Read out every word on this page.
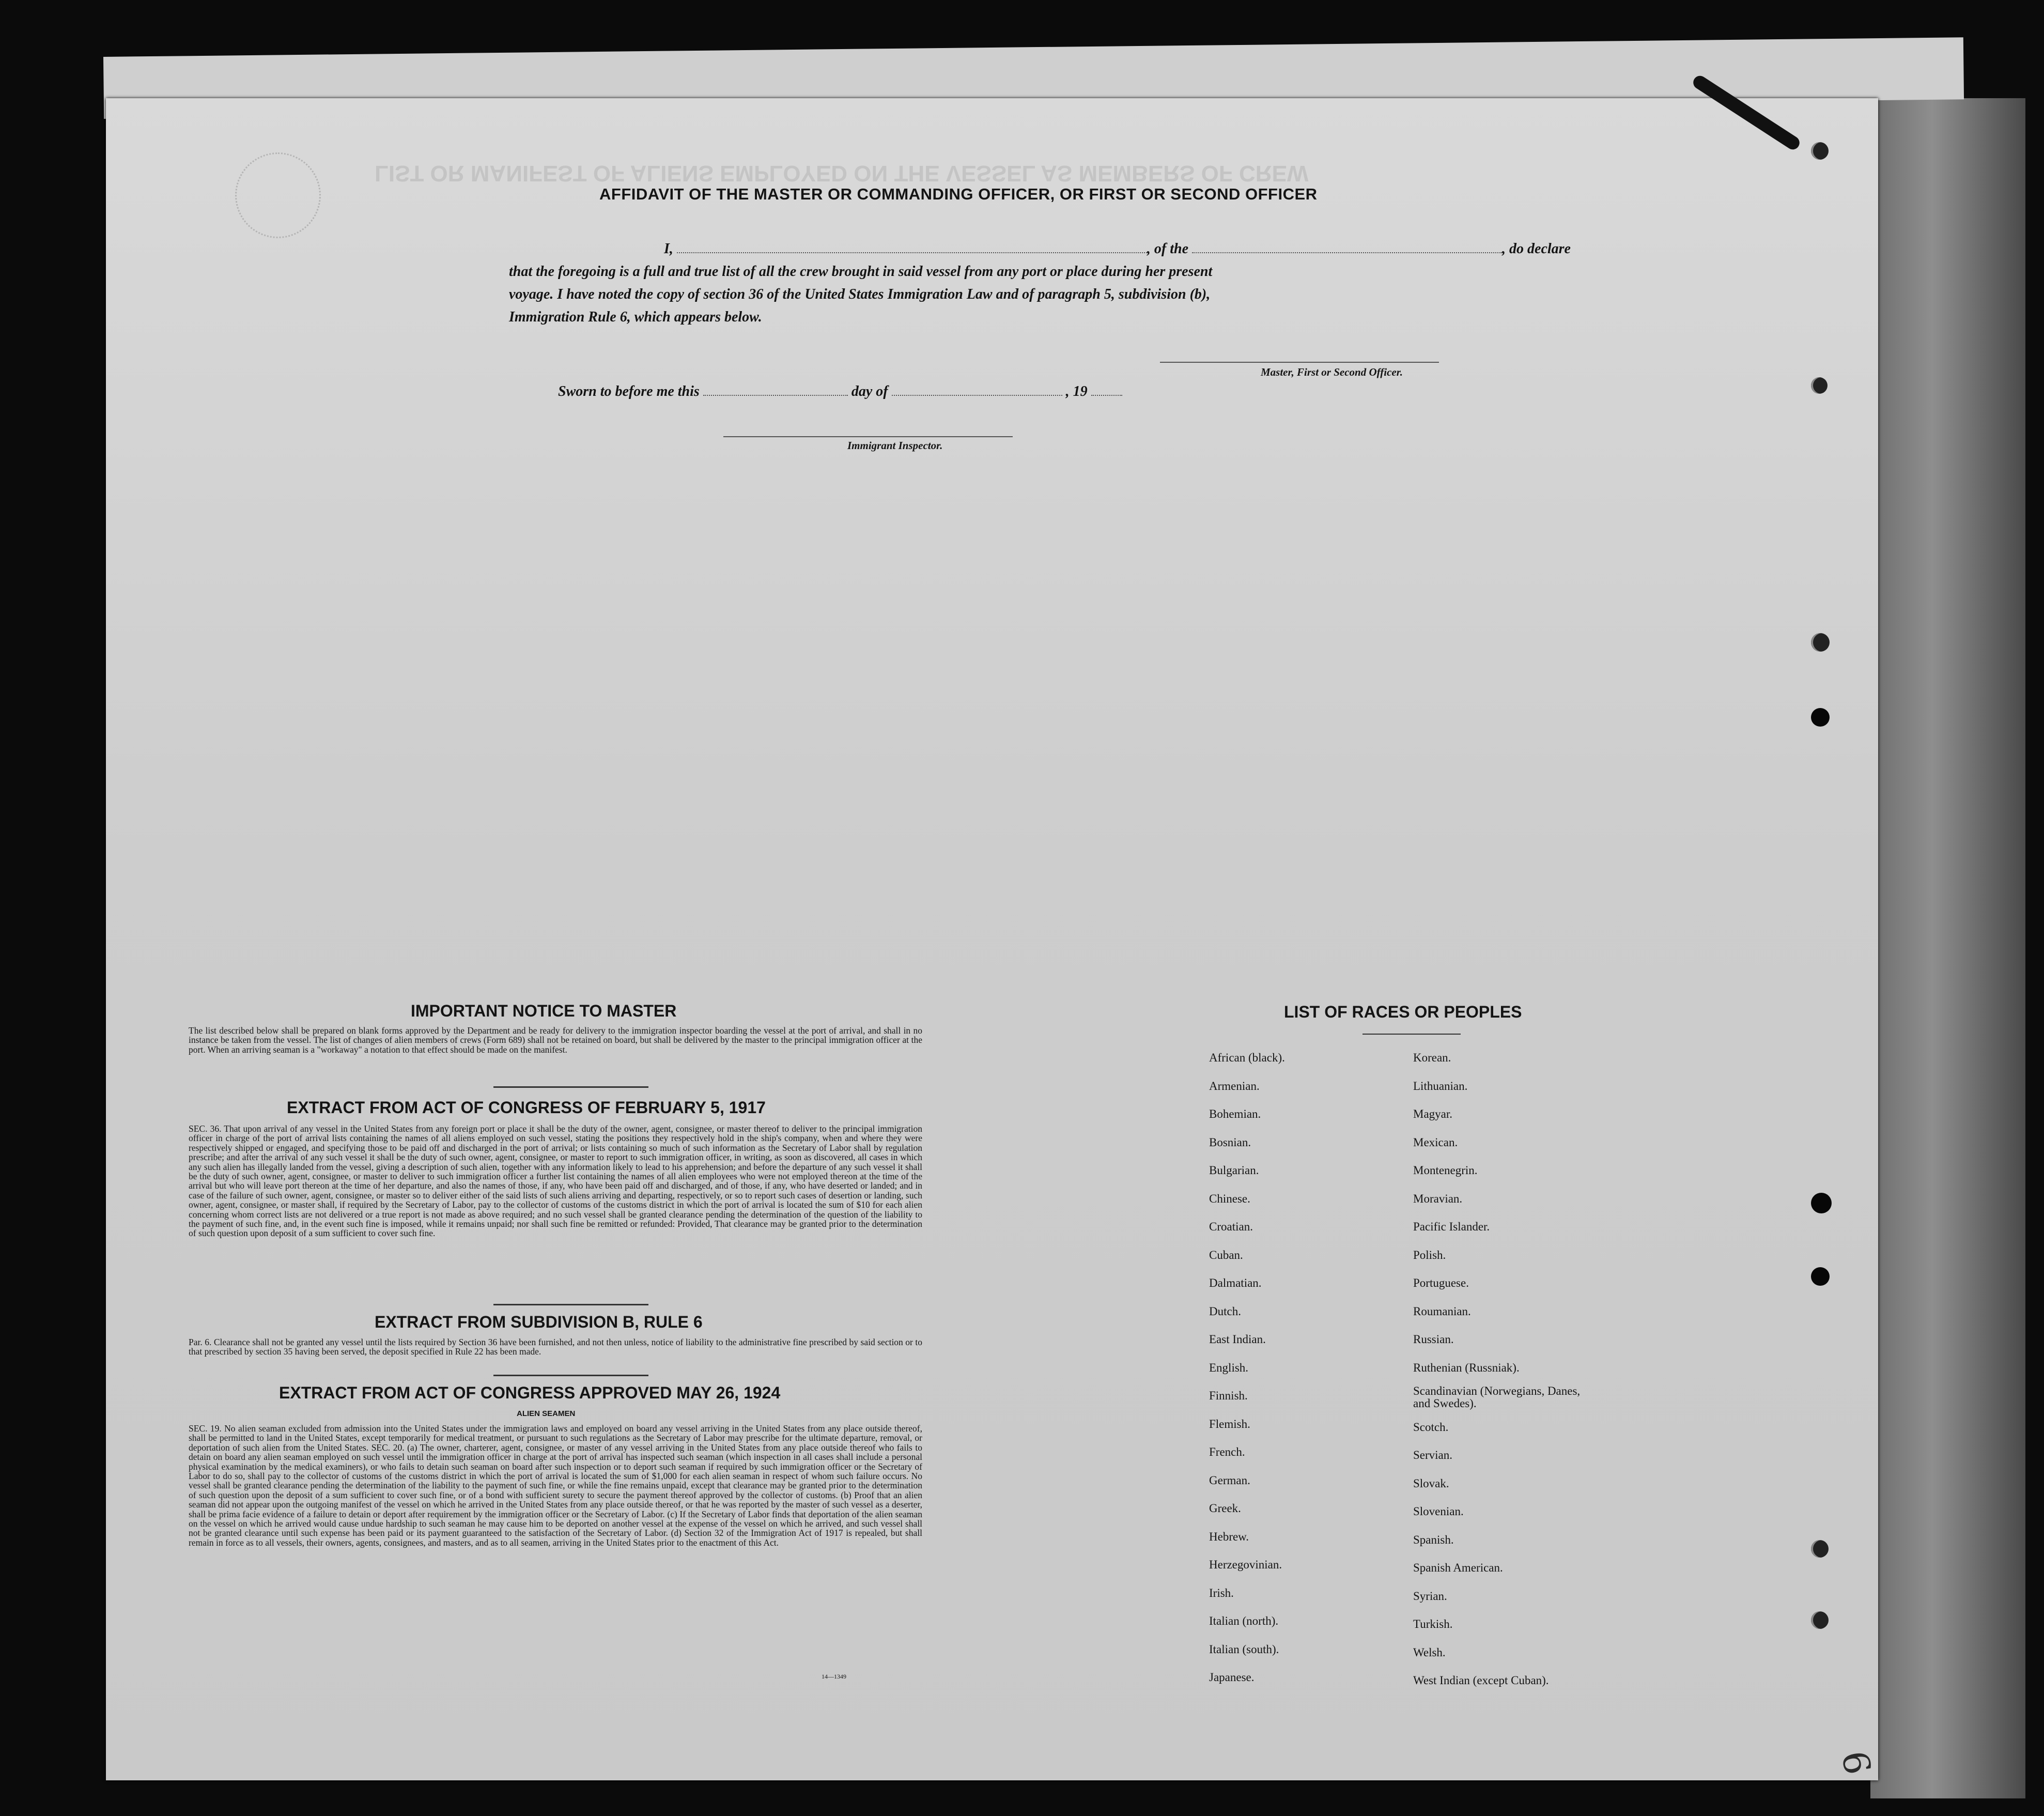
LIST OR MANIFEST OF ALIENS EMPLOYED ON THE VESSEL AS MEMBERS OF CREW
AFFIDAVIT OF THE MASTER OR COMMANDING OFFICER, OR FIRST OR SECOND OFFICER
I,	, of the	, do declare
that the foregoing is a full and true list of all the crew brought in said vessel from any port or place during her present
voyage. I have noted the copy of section 36 of the United States Immigration Law and of paragraph 5, subdivision (b),
Immigration Rule 6, which appears below.
Master, First or Second Officer.
Sworn to before me this	day of	, 19
Immigrant Inspector.
IMPORTANT NOTICE TO MASTER
The list described below shall be prepared on blank forms approved by the Department and be ready for delivery to the immigration inspector boarding the vessel at the port of arrival, and shall in no instance be taken from the vessel. The list of changes of alien members of crews (Form 689) shall not be retained on board, but shall be delivered by the master to the principal immigration officer at the port. When an arriving seaman is a "workaway" a notation to that effect should be made on the manifest.
EXTRACT FROM ACT OF CONGRESS OF FEBRUARY 5, 1917
SEC. 36. That upon arrival of any vessel in the United States from any foreign port or place it shall be the duty of the owner, agent, consignee, or master thereof to deliver to the principal immigration officer in charge of the port of arrival lists containing the names of all aliens employed on such vessel, stating the positions they respectively hold in the ship's company, when and where they were respectively shipped or engaged, and specifying those to be paid off and discharged in the port of arrival; or lists containing so much of such information as the Secretary of Labor shall by regulation prescribe; and after the arrival of any such vessel it shall be the duty of such owner, agent, consignee, or master to report to such immigration officer, in writing, as soon as discovered, all cases in which any such alien has illegally landed from the vessel, giving a description of such alien, together with any information likely to lead to his apprehension; and before the departure of any such vessel it shall be the duty of such owner, agent, consignee, or master to deliver to such immigration officer a further list containing the names of all alien employees who were not employed thereon at the time of the arrival but who will leave port thereon at the time of her departure, and also the names of those, if any, who have been paid off and discharged, and of those, if any, who have deserted or landed; and in case of the failure of such owner, agent, consignee, or master so to deliver either of the said lists of such aliens arriving and departing, respectively, or so to report such cases of desertion or landing, such owner, agent, consignee, or master shall, if required by the Secretary of Labor, pay to the collector of customs of the customs district in which the port of arrival is located the sum of $10 for each alien concerning whom correct lists are not delivered or a true report is not made as above required; and no such vessel shall be granted clearance pending the determination of the question of the liability to the payment of such fine, and, in the event such fine is imposed, while it remains unpaid; nor shall such fine be remitted or refunded: Provided, That clearance may be granted prior to the determination of such question upon deposit of a sum sufficient to cover such fine.
EXTRACT FROM SUBDIVISION B, RULE 6
Par. 6. Clearance shall not be granted any vessel until the lists required by Section 36 have been furnished, and not then unless, notice of liability to the administrative fine prescribed by said section or to that prescribed by section 35 having been served, the deposit specified in Rule 22 has been made.
EXTRACT FROM ACT OF CONGRESS APPROVED MAY 26, 1924
ALIEN SEAMEN
SEC. 19. No alien seaman excluded from admission into the United States under the immigration laws and employed on board any vessel arriving in the United States from any place outside thereof, shall be permitted to land in the United States, except temporarily for medical treatment, or pursuant to such regulations as the Secretary of Labor may prescribe for the ultimate departure, removal, or deportation of such alien from the United States. SEC. 20. (a) The owner, charterer, agent, consignee, or master of any vessel arriving in the United States from any place outside thereof who fails to detain on board any alien seaman employed on such vessel until the immigration officer in charge at the port of arrival has inspected such seaman (which inspection in all cases shall include a personal physical examination by the medical examiners), or who fails to detain such seaman on board after such inspection or to deport such seaman if required by such immigration officer or the Secretary of Labor to do so, shall pay to the collector of customs of the customs district in which the port of arrival is located the sum of $1,000 for each alien seaman in respect of whom such failure occurs. No vessel shall be granted clearance pending the determination of the liability to the payment of such fine, or while the fine remains unpaid, except that clearance may be granted prior to the determination of such question upon the deposit of a sum sufficient to cover such fine, or of a bond with sufficient surety to secure the payment thereof approved by the collector of customs. (b) Proof that an alien seaman did not appear upon the outgoing manifest of the vessel on which he arrived in the United States from any place outside thereof, or that he was reported by the master of such vessel as a deserter, shall be prima facie evidence of a failure to detain or deport after requirement by the immigration officer or the Secretary of Labor. (c) If the Secretary of Labor finds that deportation of the alien seaman on the vessel on which he arrived would cause undue hardship to such seaman he may cause him to be deported on another vessel at the expense of the vessel on which he arrived, and such vessel shall not be granted clearance until such expense has been paid or its payment guaranteed to the satisfaction of the Secretary of Labor. (d) Section 32 of the Immigration Act of 1917 is repealed, but shall remain in force as to all vessels, their owners, agents, consignees, and masters, and as to all seamen, arriving in the United States prior to the enactment of this Act.
14—1349
LIST OF RACES OR PEOPLES
African (black).
Armenian.
Bohemian.
Bosnian.
Bulgarian.
Chinese.
Croatian.
Cuban.
Dalmatian.
Dutch.
East Indian.
English.
Finnish.
Flemish.
French.
German.
Greek.
Hebrew.
Herzegovinian.
Irish.
Italian (north).
Italian (south).
Japanese.
Korean.
Lithuanian.
Magyar.
Mexican.
Montenegrin.
Moravian.
Pacific Islander.
Polish.
Portuguese.
Roumanian.
Russian.
Ruthenian (Russniak).
Scandinavian (Norwegians, Danes, and Swedes).
Scotch.
Servian.
Slovak.
Slovenian.
Spanish.
Spanish American.
Syrian.
Turkish.
Welsh.
West Indian (except Cuban).
6
